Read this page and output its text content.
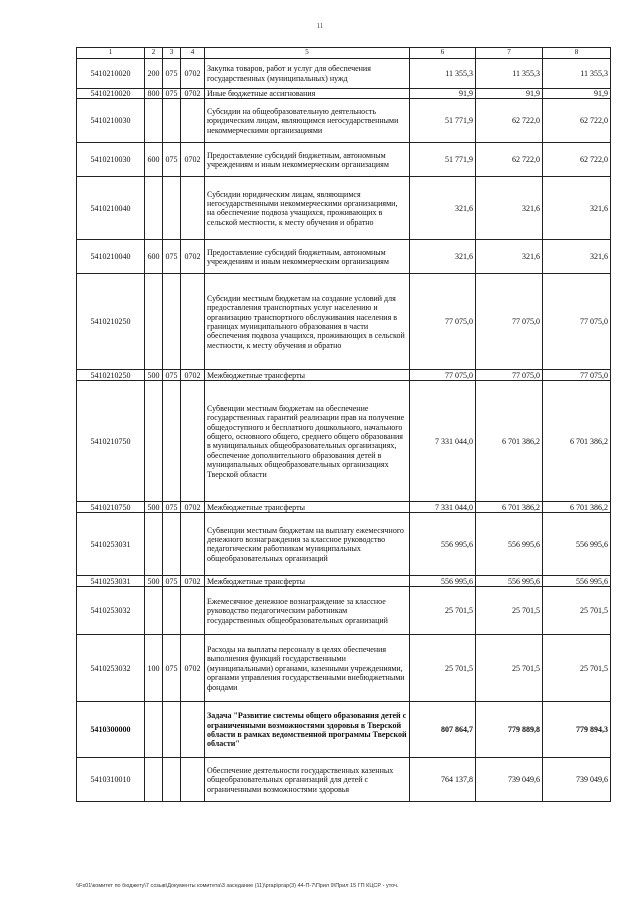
11
1	2	3	4	5	6	7	8
5410210020	200	075	0702	Закупка товаров, работ и услуг для обеспечения государственных (муниципальных) нужд	11 355,3	11 355,3	11 355,3
5410210020	800	075	0702	Иные бюджетные ассигнования	91,9	91,9	91,9
5410210030				Субсидии на общеобразовательную деятельность юридическим лицам, являющимся негосударственными некоммерческими организациями	51 771,9	62 722,0	62 722,0
5410210030	600	075	0702	Предоставление субсидий бюджетным, автономным учреждениям и иным некоммерческим организациям	51 771,9	62 722,0	62 722,0
5410210040				Субсидии юридическим лицам, являющимся негосударственными некоммерческими организациями, на обеспечение подвоза учащихся, проживающих в сельской местности, к месту обучения и обратно	321,6	321,6	321,6
5410210040	600	075	0702	Предоставление субсидий бюджетным, автономным учреждениям и иным некоммерческим организациям	321,6	321,6	321,6
5410210250				Субсидии местным бюджетам на создание условий для предоставления транспортных услуг населению и организацию транспортного обслуживания населения в границах муниципального образования в части обеспечения подвоза учащихся, проживающих в сельской местности, к месту обучения и обратно	77 075,0	77 075,0	77 075,0
5410210250	500	075	0702	Межбюджетные трансферты	77 075,0	77 075,0	77 075,0
5410210750				Субвенции местным бюджетам на обеспечение государственных гарантий реализации прав на получение общедоступного и бесплатного дошкольного, начального общего, основного общего, среднего общего образования в муниципальных общеобразовательных организациях, обеспечение дополнительного образования детей в муниципальных общеобразовательных организациях Тверской области	7 331 044,0	6 701 386,2	6 701 386,2
5410210750	500	075	0702	Межбюджетные трансферты	7 331 044,0	6 701 386,2	6 701 386,2
5410253031				Субвенции местным бюджетам на выплату ежемесячного денежного вознаграждения за классное руководство педагогическим работникам муниципальных общеобразовательных организаций	556 995,6	556 995,6	556 995,6
5410253031	500	075	0702	Межбюджетные трансферты	556 995,6	556 995,6	556 995,6
5410253032				Ежемесячное денежное вознаграждение за классное руководство педагогическим работникам государственных общеобразовательных организаций	25 701,5	25 701,5	25 701,5
5410253032	100	075	0702	Расходы на выплаты персоналу в целях обеспечения выполнения функций государственными (муниципальными) органами, казенными учреждениями, органами управления государственными внебюджетными фондами	25 701,5	25 701,5	25 701,5
5410300000				Задача "Развитие системы общего образования детей с ограниченными возможностями здоровья в Тверской области в рамках ведомственной программы Тверской области"	807 864,7	779 889,8	779 894,3
5410310010				Обеспечение деятельности государственных казенных общеобразовательных организаций для детей с ограниченными возможностями здоровья	764 137,8	739 049,6	739 049,6
\\Fs01\комитет по бюджету\7 созыв\Документы комитета\3 заседание (11)\ргар\ргар(3) 44-П-7\Прил 9\Прил 15 ГП КЦСР - уточ.
